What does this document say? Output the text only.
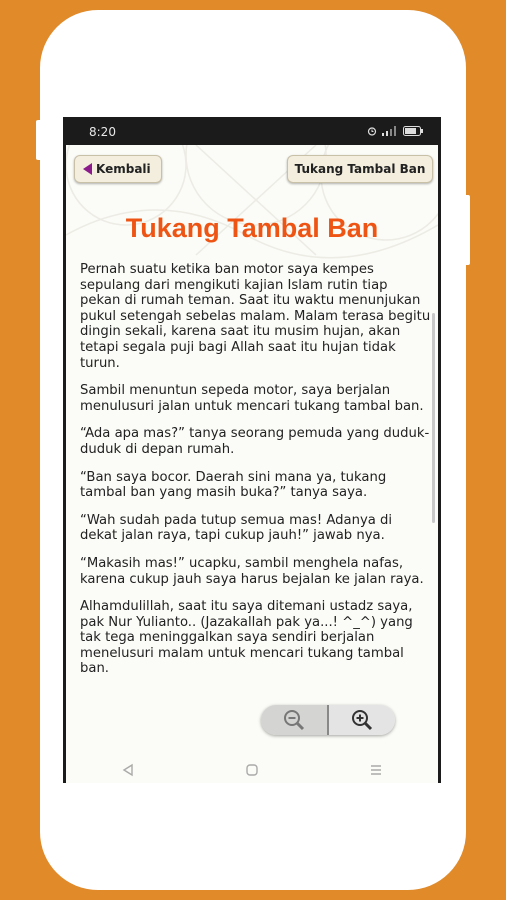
8:20
Kembali	Tukang Tambal Ban
Tukang Tambal Ban

Pernah suatu ketika ban motor saya kempes sepulang dari mengikuti kajian Islam rutin tiap pekan di rumah teman. Saat itu waktu menunjukan pukul setengah sebelas malam. Malam terasa begitu dingin sekali, karena saat itu musim hujan, akan tetapi segala puji bagi Allah saat itu hujan tidak turun.

Sambil menuntun sepeda motor, saya berjalan menulusuri jalan untuk mencari tukang tambal ban.

“Ada apa mas?” tanya seorang pemuda yang duduk-duduk di depan rumah.

“Ban saya bocor. Daerah sini mana ya, tukang tambal ban yang masih buka?” tanya saya.

“Wah sudah pada tutup semua mas! Adanya di dekat jalan raya, tapi cukup jauh!” jawab nya.

“Makasih mas!” ucapku, sambil menghela nafas, karena cukup jauh saya harus bejalan ke jalan raya.

Alhamdulillah, saat itu saya ditemani ustadz saya, pak Nur Yulianto.. (Jazakallah pak ya...! ^_^) yang tak tega meninggalkan saya sendiri berjalan menelusuri malam untuk mencari tukang tambal ban.
